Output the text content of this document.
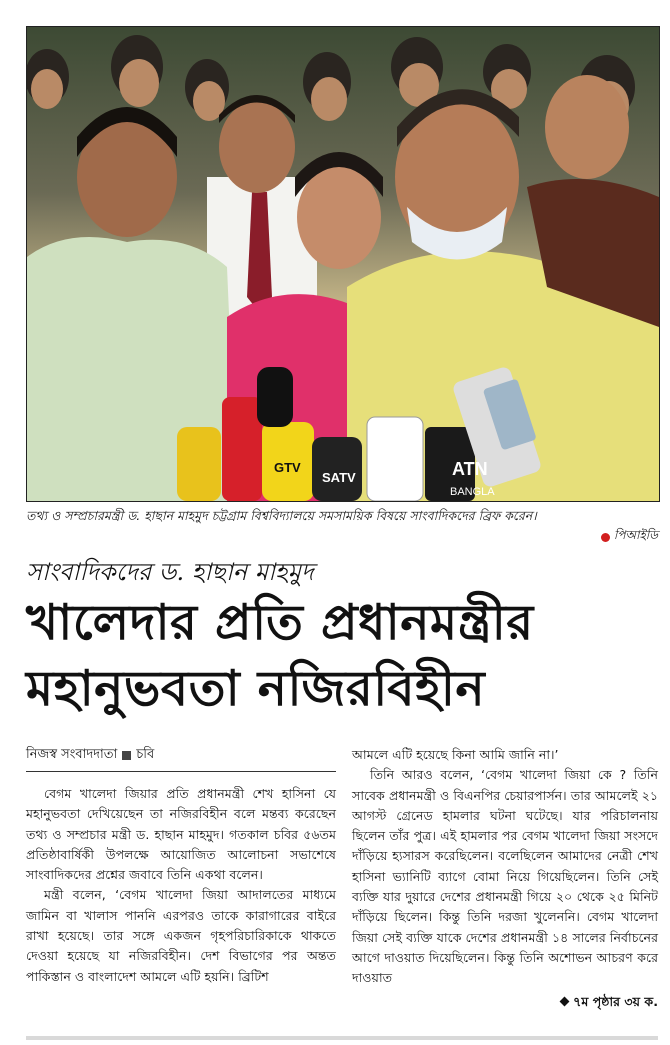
ATN
BANGLA
GTV
SATV
তথ্য ও সম্প্রচারমন্ত্রী ড. হাছান মাহমুদ চট্টগ্রাম বিশ্ববিদ্যালয়ে সমসাময়িক বিষয়ে সাংবাদিকদের ব্রিফ করেন।
পিআইডি
সাংবাদিকদের ড. হাছান মাহমুদ
খালেদার প্রতি প্রধানমন্ত্রীর
মহানুভবতা নজিরবিহীন
নিজস্ব সংবাদদাতা চবি

বেগম খালেদা জিয়ার প্রতি প্রধানমন্ত্রী শেখ হাসিনা যে মহানুভবতা দেখিয়েছেন তা নজিরবিহীন বলে মন্তব্য করেছেন তথ্য ও সম্প্রচার মন্ত্রী ড. হাছান মাহমুদ। গতকাল চবির ৫৬তম প্রতিষ্ঠাবার্ষিকী উপলক্ষে আয়োজিত আলোচনা সভাশেষে সাংবাদিকদের প্রশ্নের জবাবে তিনি একথা বলেন।

মন্ত্রী বলেন, ‘বেগম খালেদা জিয়া আদালতের মাধ্যমে জামিন বা খালাস পাননি এরপরও তাকে কারাগারের বাইরে রাখা হয়েছে। তার সঙ্গে একজন গৃহপরিচারিকাকে থাকতে দেওয়া হয়েছে যা নজিরবিহীন। দেশ বিভাগের পর অন্তত পাকিস্তান ও বাংলাদেশ আমলে এটি হয়নি। ব্রিটিশ

আমলে এটি হয়েছে কিনা আমি জানি না।’

তিনি আরও বলেন, ‘বেগম খালেদা জিয়া কে ? তিনি সাবেক প্রধানমন্ত্রী ও বিএনপির চেয়ারপার্সন। তার আমলেই ২১ আগস্ট গ্রেনেড হামলার ঘটনা ঘটেছে। যার পরিচালনায় ছিলেন তাঁর পুত্র। এই হামলার পর বেগম খালেদা জিয়া সংসদে দাঁড়িয়ে হ্যসারস করেছিলেন। বলেছিলেন আমাদের নেত্রী শেখ হাসিনা ভ্যানিটি ব্যাগে বোমা নিয়ে গিয়েছিলেন। তিনি সেই ব্যক্তি যার দুয়ারে দেশের প্রধানমন্ত্রী গিয়ে ২০ থেকে ২৫ মিনিট দাঁড়িয়ে ছিলেন। কিন্তু তিনি দরজা খুলেননি। বেগম খালেদা জিয়া সেই ব্যক্তি যাকে দেশের প্রধানমন্ত্রী ১৪ সালের নির্বাচনের আগে দাওয়াত দিয়েছিলেন। কিন্তু তিনি অশোভন আচরণ করে দাওয়াত

৭ম পৃষ্ঠার ৩য় ক.
